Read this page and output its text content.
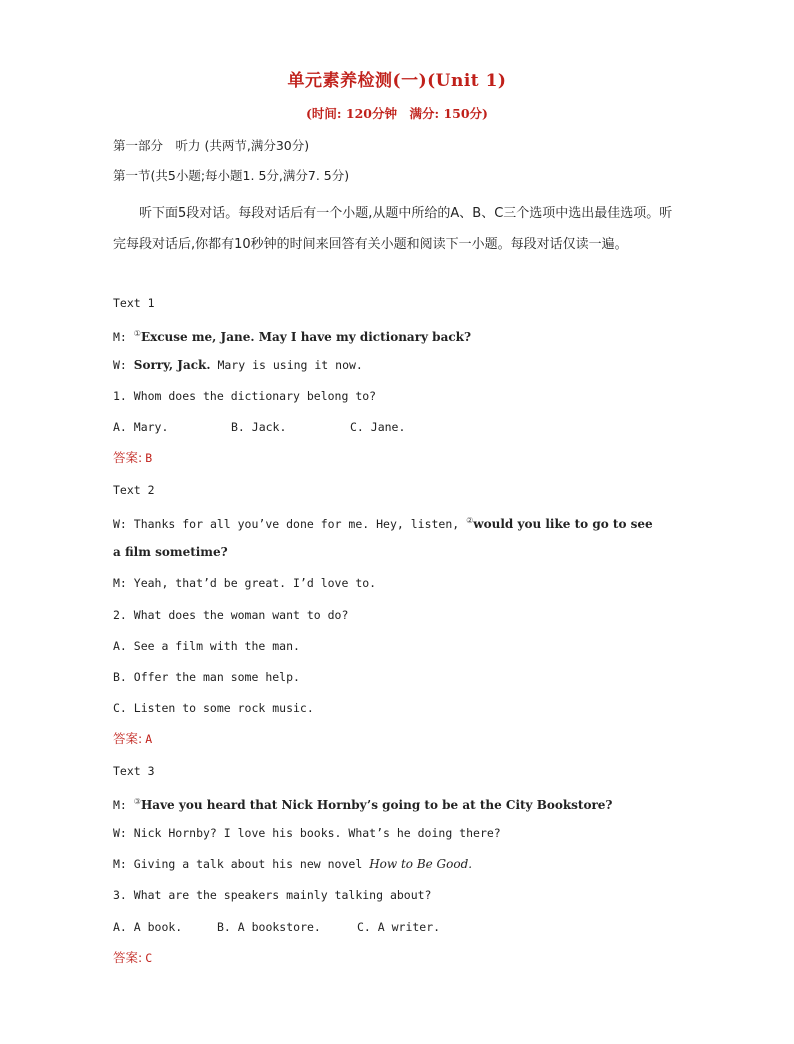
单元素养检测(一)(Unit 1)
(时间: 120分钟　满分: 150分)
第一部分　听力 (共两节,满分30分)
第一节(共5小题;每小题1. 5分,满分7. 5分)

听下面5段对话。每段对话后有一个小题,从题中所给的A、B、C三个选项中选出最佳选项。听完每段对话后,你都有10秒钟的时间来回答有关小题和阅读下一小题。每段对话仅读一遍。

Text 1
M: ①Excuse me, Jane. May I have my dictionary back?
W: Sorry, Jack. Mary is using it now.
1. Whom does the dictionary belong to?
A. Mary.	B. Jack.	C. Jane.
答案: B
Text 2
W: Thanks for all you’ve done for me. Hey, listen, ②would you like to go to see
a film sometime?
M: Yeah, that’d be great. I’d love to.
2. What does the woman want to do?
A. See a film with the man.
B. Offer the man some help.
C. Listen to some rock music.
答案: A
Text 3
M: ③Have you heard that Nick Hornby’s going to be at the City Bookstore?
W: Nick Hornby? I love his books. What’s he doing there?
M: Giving a talk about his new novel How to Be Good.
3. What are the speakers mainly talking about?
A. A book.	B. A bookstore.	C. A writer.
答案: C
